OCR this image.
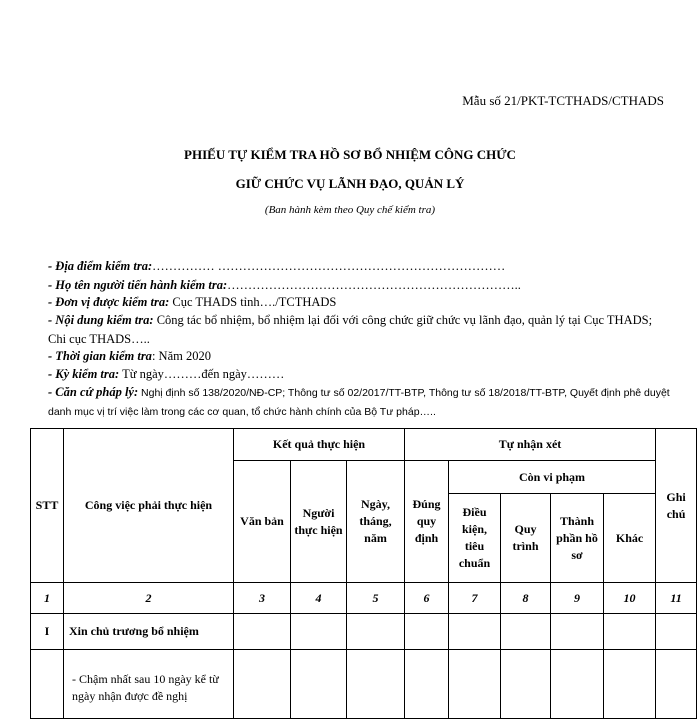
Mẫu số 21/PKT-TCTHADS/CTHADS
PHIẾU TỰ KIỂM TRA HỒ SƠ BỔ NHIỆM CÔNG CHỨC
GIỮ CHỨC VỤ LÃNH ĐẠO, QUẢN LÝ
(Ban hành kèm theo Quy chế kiểm tra)
- Địa điểm kiểm tra:…………… ……………………………………………………………
- Họ tên người tiến hành kiểm tra:……………………………………………………………..
- Đơn vị được kiểm tra: Cục THADS tỉnh…./TCTHADS
- Nội dung kiểm tra: Công tác bổ nhiệm, bổ nhiệm lại đối với công chức giữ chức vụ lãnh đạo, quản lý tại Cục THADS; Chi cục THADS…..
- Thời gian kiểm tra: Năm 2020
- Kỳ kiểm tra: Từ ngày………đến ngày………
- Căn cứ pháp lý: Nghị định số 138/2020/NĐ-CP; Thông tư số 02/2017/TT-BTP, Thông tư số 18/2018/TT-BTP, Quyết định phê duyệt danh mục vị trí việc làm trong các cơ quan, tổ chức hành chính của Bộ Tư pháp…..
STT	Công việc phải thực hiện	Kết quả thực hiện			Tự nhận xét					Ghi chú
		Văn bản	Người thực hiện	Ngày, tháng, năm	Đúng quy định	Còn vi phạm				
						Điều kiện, tiêu chuẩn	Quy trình	Thành phần hồ sơ	Khác	
1	2	3	4	5	6	7	8	9	10	11
I	Xin chủ trương bổ nhiệm									
	- Chậm nhất sau 10 ngày kể từ ngày nhận được đề nghị									
